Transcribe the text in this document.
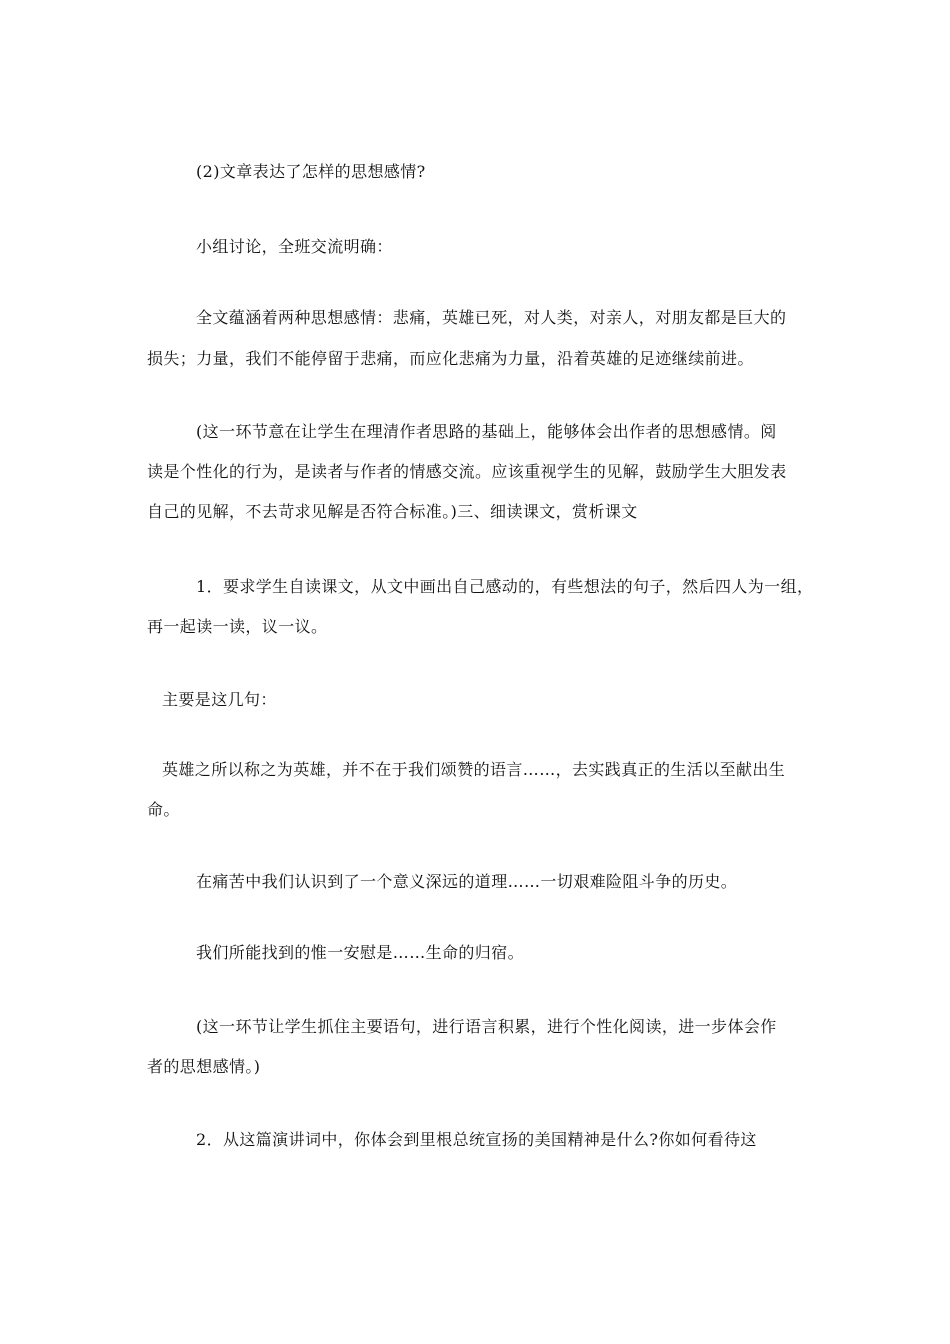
(2)文章表达了怎样的思想感情?
小组讨论，全班交流明确：
全文蕴涵着两种思想感情：悲痛，英雄已死，对人类，对亲人，对朋友都是巨大的
损失；力量，我们不能停留于悲痛，而应化悲痛为力量，沿着英雄的足迹继续前进。
(这一环节意在让学生在理清作者思路的基础上，能够体会出作者的思想感情。阅
读是个性化的行为，是读者与作者的情感交流。应该重视学生的见解，鼓励学生大胆发表
自己的见解，不去苛求见解是否符合标准。)三、细读课文，赏析课文
1．要求学生自读课文，从文中画出自己感动的，有些想法的句子，然后四人为一组，
再一起读一读，议一议。
主要是这几句：
英雄之所以称之为英雄，并不在于我们颂赞的语言……，去实践真正的生活以至献出生
命。
在痛苦中我们认识到了一个意义深远的道理……一切艰难险阻斗争的历史。
我们所能找到的惟一安慰是……生命的归宿。
(这一环节让学生抓住主要语句，进行语言积累，进行个性化阅读，进一步体会作
者的思想感情。)
2．从这篇演讲词中，你体会到里根总统宣扬的美国精神是什么?你如何看待这
